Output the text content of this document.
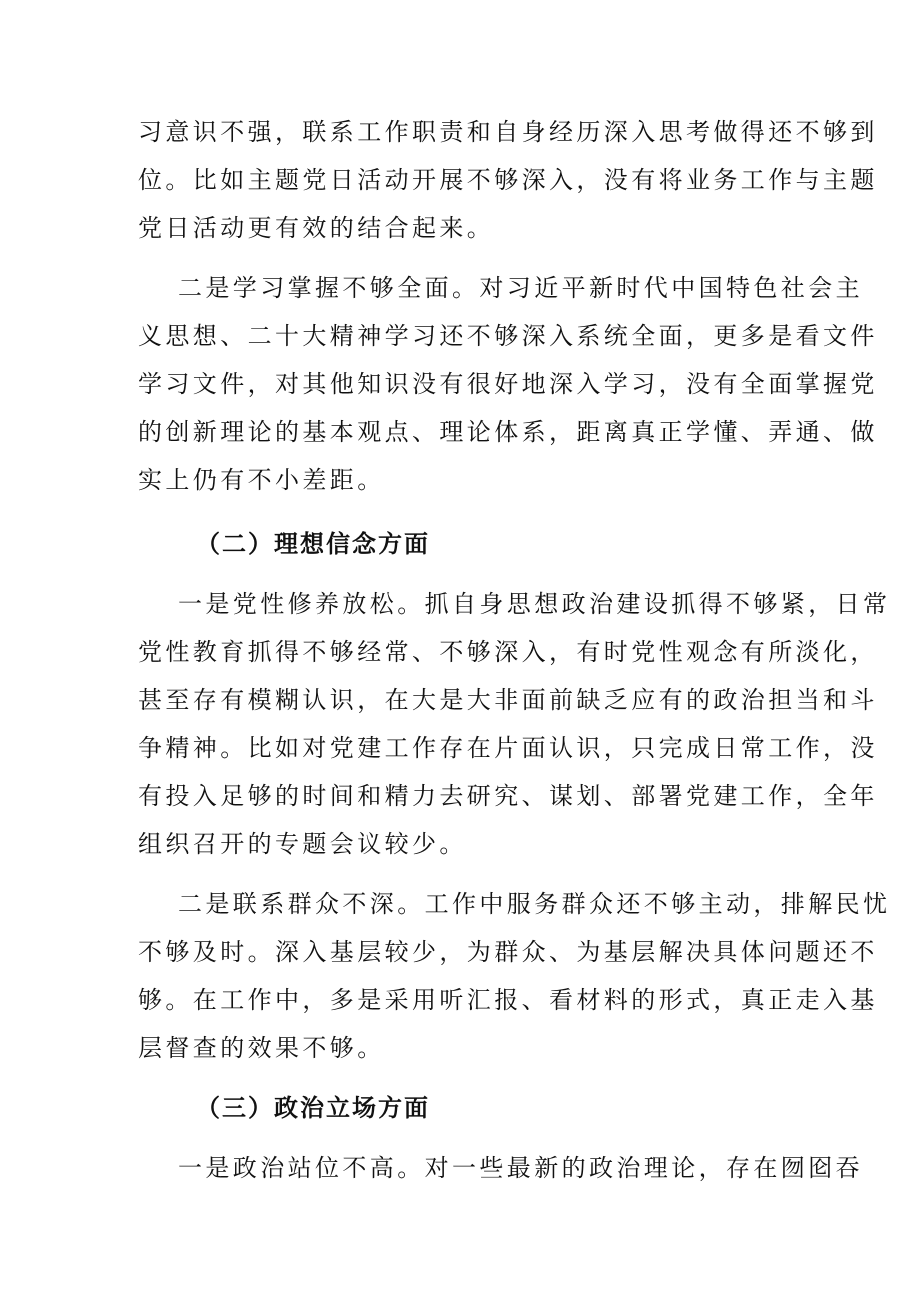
习意识不强，联系工作职责和自身经历深入思考做得还不够到
位。比如主题党日活动开展不够深入，没有将业务工作与主题
党日活动更有效的结合起来。
二是学习掌握不够全面。对习近平新时代中国特色社会主
义思想、二十大精神学习还不够深入系统全面，更多是看文件
学习文件，对其他知识没有很好地深入学习，没有全面掌握党
的创新理论的基本观点、理论体系，距离真正学懂、弄通、做
实上仍有不小差距。
（二）理想信念方面
一是党性修养放松。抓自身思想政治建设抓得不够紧，日常
党性教育抓得不够经常、不够深入，有时党性观念有所淡化，
甚至存有模糊认识，在大是大非面前缺乏应有的政治担当和斗
争精神。比如对党建工作存在片面认识，只完成日常工作，没
有投入足够的时间和精力去研究、谋划、部署党建工作，全年
组织召开的专题会议较少。
二是联系群众不深。工作中服务群众还不够主动，排解民忧
不够及时。深入基层较少，为群众、为基层解决具体问题还不
够。在工作中，多是采用听汇报、看材料的形式，真正走入基
层督查的效果不够。
（三）政治立场方面
一是政治站位不高。对一些最新的政治理论，存在囫囵吞
